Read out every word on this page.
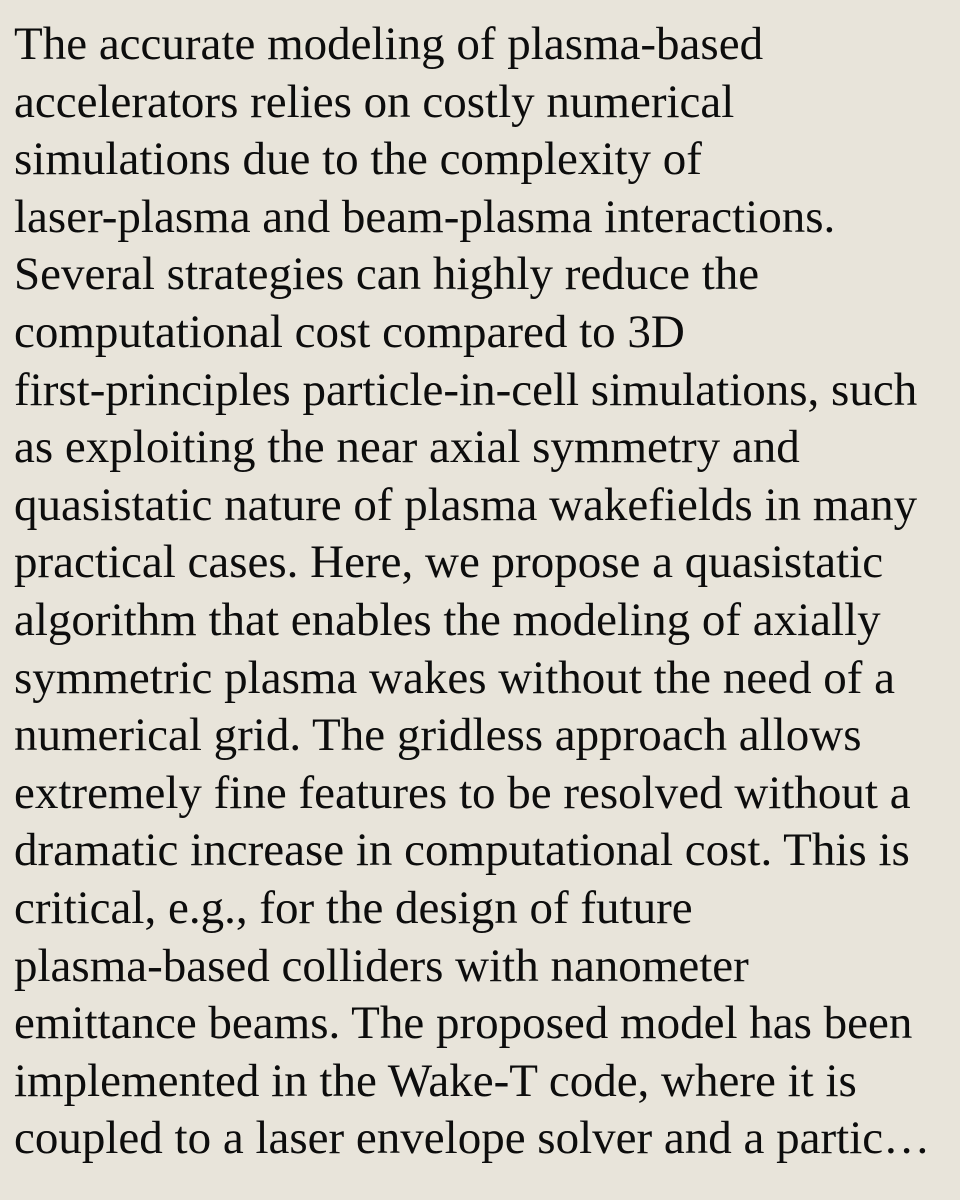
The accurate modeling of plasma-based
accelerators relies on costly numerical
simulations due to the complexity of
laser-plasma and beam-plasma interactions.
Several strategies can highly reduce the
computational cost compared to 3D
first-principles particle-in-cell simulations, such
as exploiting the near axial symmetry and
quasistatic nature of plasma wakefields in many
practical cases. Here, we propose a quasistatic
algorithm that enables the modeling of axially
symmetric plasma wakes without the need of a
numerical grid. The gridless approach allows
extremely fine features to be resolved without a
dramatic increase in computational cost. This is
critical, e.g., for the design of future
plasma-based colliders with nanometer
emittance beams. The proposed model has been
implemented in the Wake-T code, where it is
coupled to a laser envelope solver and a partic…
